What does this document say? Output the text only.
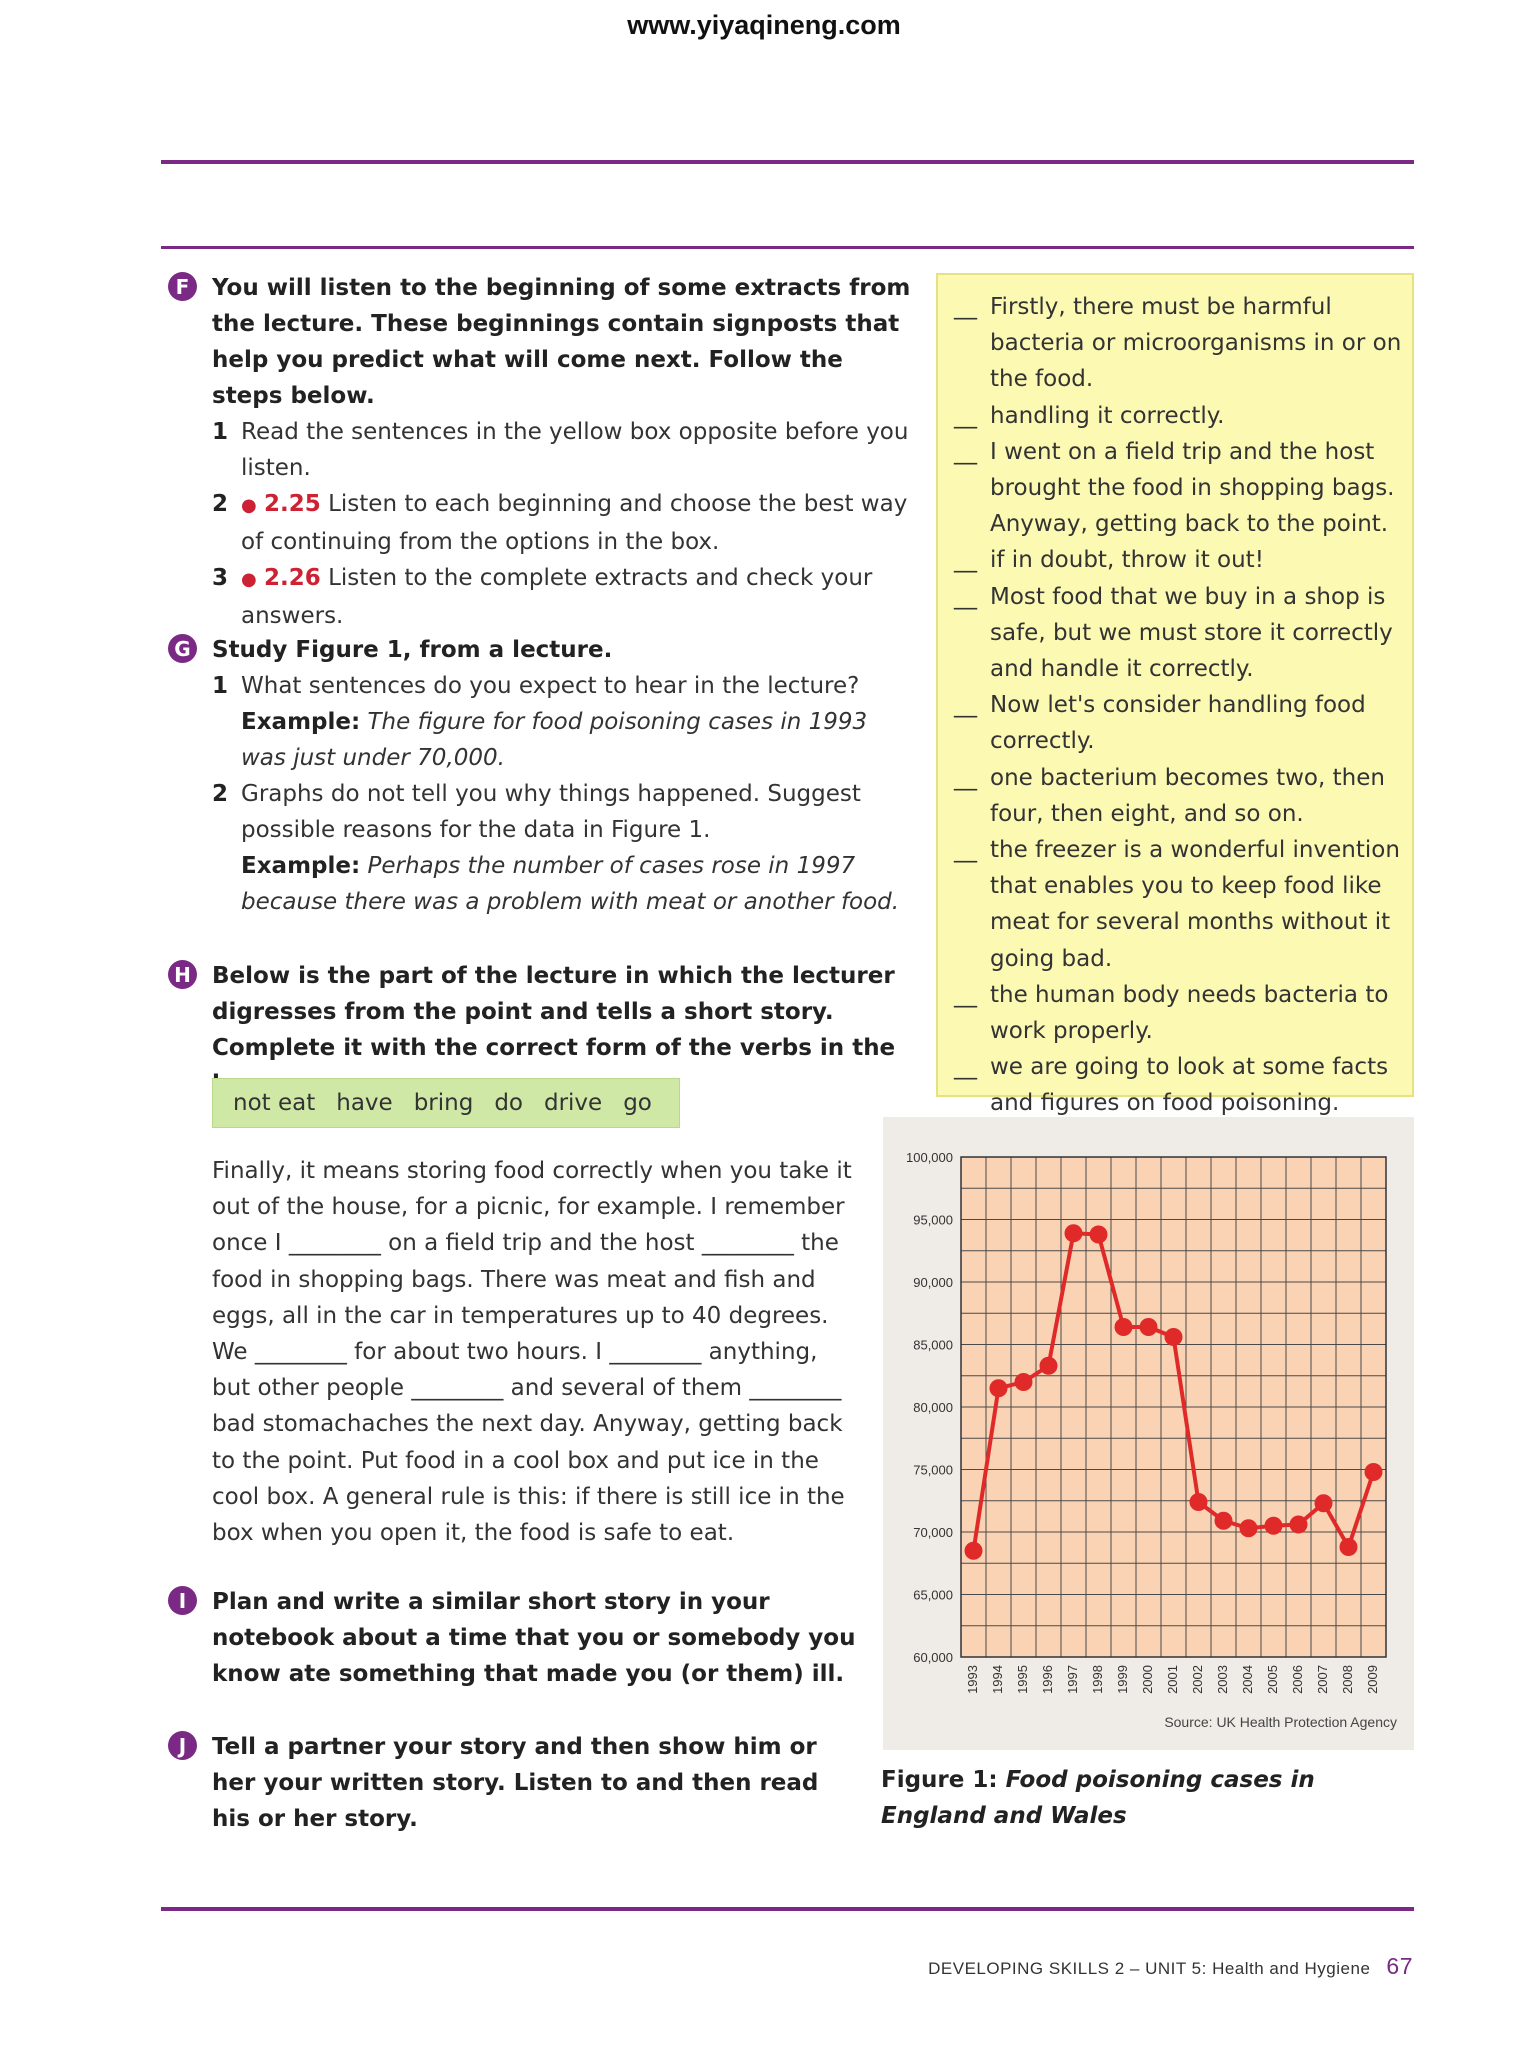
www.yiyaqineng.com
F You will listen to the beginning of some extracts from the lecture. These beginnings contain signposts that help you predict what will come next. Follow the steps below.
1 Read the sentences in the yellow box opposite before you listen.
2 ● 2.25 Listen to each beginning and choose the best way of continuing from the options in the box.
3 ● 2.26 Listen to the complete extracts and check your answers.
G Study Figure 1, from a lecture.
1 What sentences do you expect to hear in the lecture?
Example: The figure for food poisoning cases in 1993 was just under 70,000.
2 Graphs do not tell you why things happened. Suggest possible reasons for the data in Figure 1.
Example: Perhaps the number of cases rose in 1997 because there was a problem with meat or another food.
H Below is the part of the lecture in which the lecturer digresses from the point and tells a short story. Complete it with the correct form of the verbs in the
not eat have bring do drive go
Finally, it means storing food correctly when you take it out of the house, for a picnic, for example. I remember once I ________ on a field trip and the host ________ the food in shopping bags. There was meat and fish and eggs, all in the car in temperatures up to 40 degrees. We ________ for about two hours. I ________ anything, but other people ________ and several of them ________ bad stomachaches the next day. Anyway, getting back to the point. Put food in a cool box and put ice in the cool box. A general rule is this: if there is still ice in the box when you open it, the food is safe to eat.
I	Plan and write a similar short story in your notebook about a time that you or somebody you know ate something that made you (or them) ill.
J	Tell a partner your story and then show him or her your written story. Listen to and then read his or her story.
__ Firstly, there must be harmful bacteria or microorganisms in or on the food.
__ handling it correctly.
__ I went on a field trip and the host brought the food in shopping bags. Anyway, getting back to the point.
__ if in doubt, throw it out!
__ Most food that we buy in a shop is safe, but we must store it correctly and handle it correctly.
__ Now let's consider handling food correctly.
__ one bacterium becomes two, then four, then eight, and so on.
__ the freezer is a wonderful invention that enables you to keep food like meat for several months without it going bad.
__ the human body needs bacteria to work properly.
__ we are going to look at some facts and figures on food poisoning.
100,000
95,000
90,000
85,000
80,000
75,000
70,000
65,000
60,000
1993 1994 1995 1996 1997 1998 1999 2000 2001 2002 2003 2004 2005 2006 2007 2008 2009
Source: UK Health Protection Agency
Figure 1: Food poisoning cases in England and Wales
DEVELOPING SKILLS 2 – UNIT 5: Health and Hygiene 67
